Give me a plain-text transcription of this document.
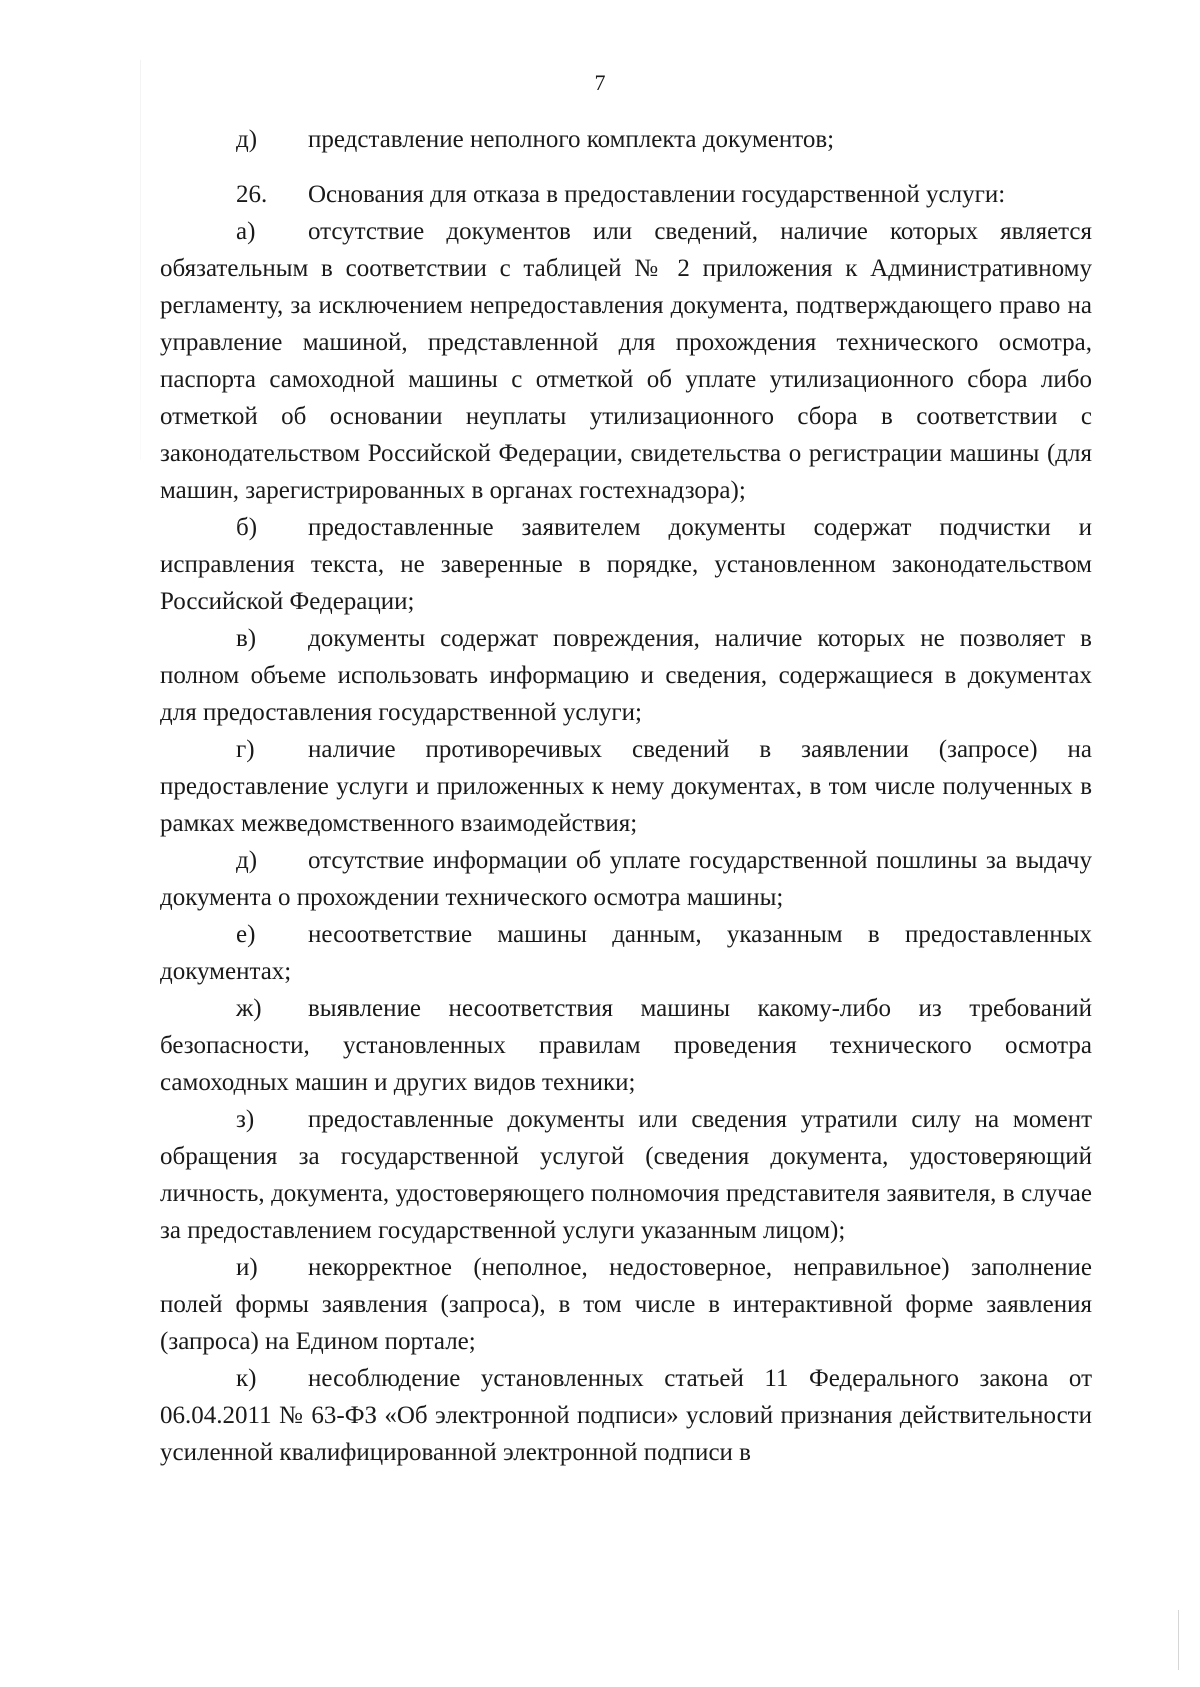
7

д) представление неполного комплекта документов;

26. Основания для отказа в предоставлении государственной услуги:

а) отсутствие документов или сведений, наличие которых является обязательным в соответствии с таблицей № 2 приложения к Административному регламенту, за исключением непредоставления документа, подтверждающего право на управление машиной, представленной для прохождения технического осмотра, паспорта самоходной машины с отметкой об уплате утилизационного сбора либо отметкой об основании неуплаты утилизационного сбора в соответствии с законодательством Российской Федерации, свидетельства о регистрации машины (для машин, зарегистрированных в органах гостехнадзора);

б) предоставленные заявителем документы содержат подчистки и исправления текста, не заверенные в порядке, установленном законодательством Российской Федерации;

в) документы содержат повреждения, наличие которых не позволяет в полном объеме использовать информацию и сведения, содержащиеся в документах для предоставления государственной услуги;

г) наличие противоречивых сведений в заявлении (запросе) на предоставление услуги и приложенных к нему документах, в том числе полученных в рамках межведомственного взаимодействия;

д) отсутствие информации об уплате государственной пошлины за выдачу документа о прохождении технического осмотра машины;

е) несоответствие машины данным, указанным в предоставленных документах;

ж) выявление несоответствия машины какому-либо из требований безопасности, установленных правилам проведения технического осмотра самоходных машин и других видов техники;

з) предоставленные документы или сведения утратили силу на момент обращения за государственной услугой (сведения документа, удостоверяющий личность, документа, удостоверяющего полномочия представителя заявителя, в случае за предоставлением государственной услуги указанным лицом);

и) некорректное (неполное, недостоверное, неправильное) заполнение полей формы заявления (запроса), в том числе в интерактивной форме заявления (запроса) на Едином портале;

к) несоблюдение установленных статьей 11 Федерального закона от 06.04.2011 № 63-ФЗ «Об электронной подписи» условий признания действительности усиленной квалифицированной электронной подписи в
